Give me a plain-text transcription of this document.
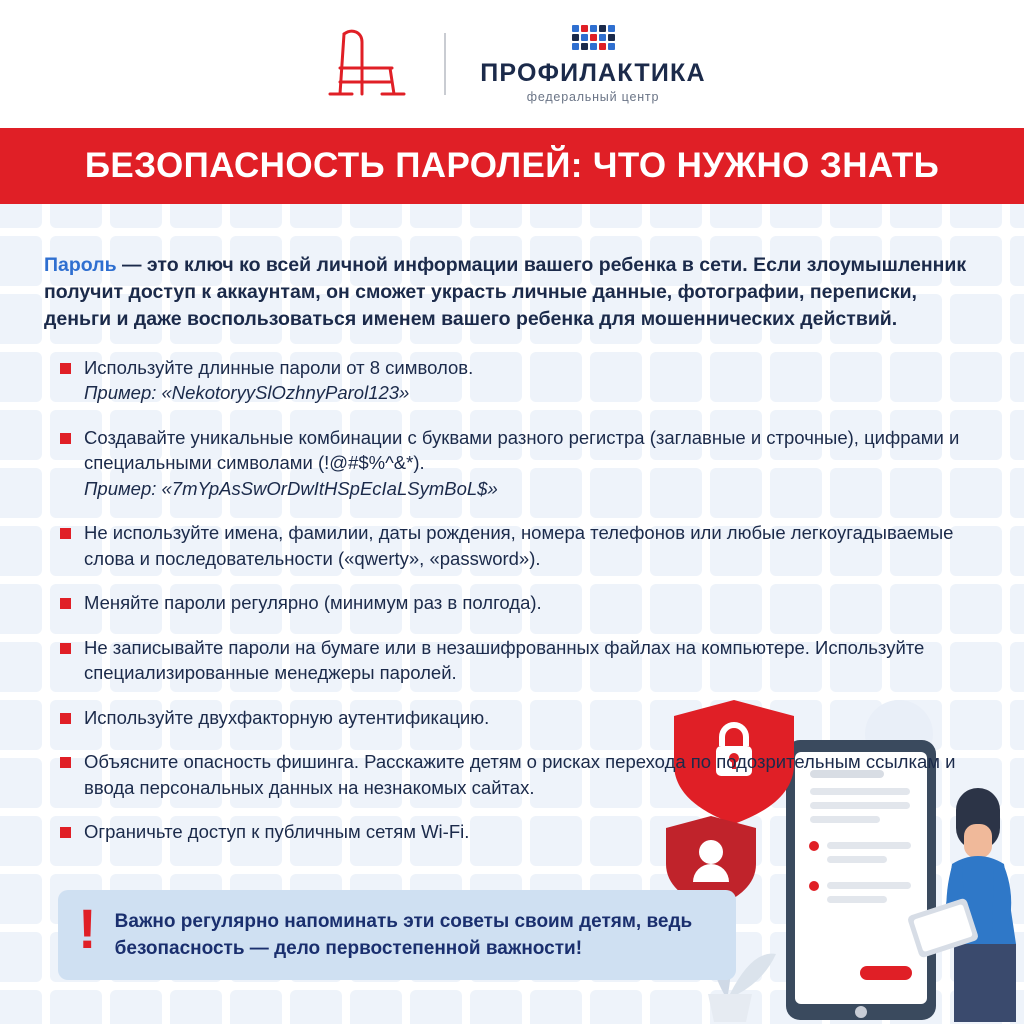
ПРОФИЛАКТИКА
федеральный центр
БЕЗОПАСНОСТЬ ПАРОЛЕЙ: ЧТО НУЖНО ЗНАТЬ

Пароль — это ключ ко всей личной информации вашего ребенка в сети. Если злоумышленник получит доступ к аккаунтам, он сможет украсть личные данные, фотографии, переписки, деньги и даже воспользоваться именем вашего ребенка для мошеннических действий.

Используйте длинные пароли от 8 символов.
Пример: «NekotoryySlOzhnyParol123»
Создавайте уникальные комбинации с буквами разного регистра (заглавные и строчные), цифрами и специальными символами (!@#$%^&*).
Пример: «7mYpAsSwOrDwItHSpEcIaLSymBoL$»
Не используйте имена, фамилии, даты рождения, номера телефонов или любые легкоугадываемые слова и последовательности («qwerty», «password»).
Меняйте пароли регулярно (минимум раз в полгода).
Не записывайте пароли на бумаге или в незашифрованных файлах на компьютере. Используйте специализированные менеджеры паролей.
Используйте двухфакторную аутентификацию.
Объясните опасность фишинга. Расскажите детям о рисках перехода по подозрительным ссылкам и ввода персональных данных на незнакомых сайтах.
Ограничьте доступ к публичным сетям Wi-Fi.
! Важно регулярно напоминать эти советы своим детям, ведь безопасность — дело первостепенной важности!
